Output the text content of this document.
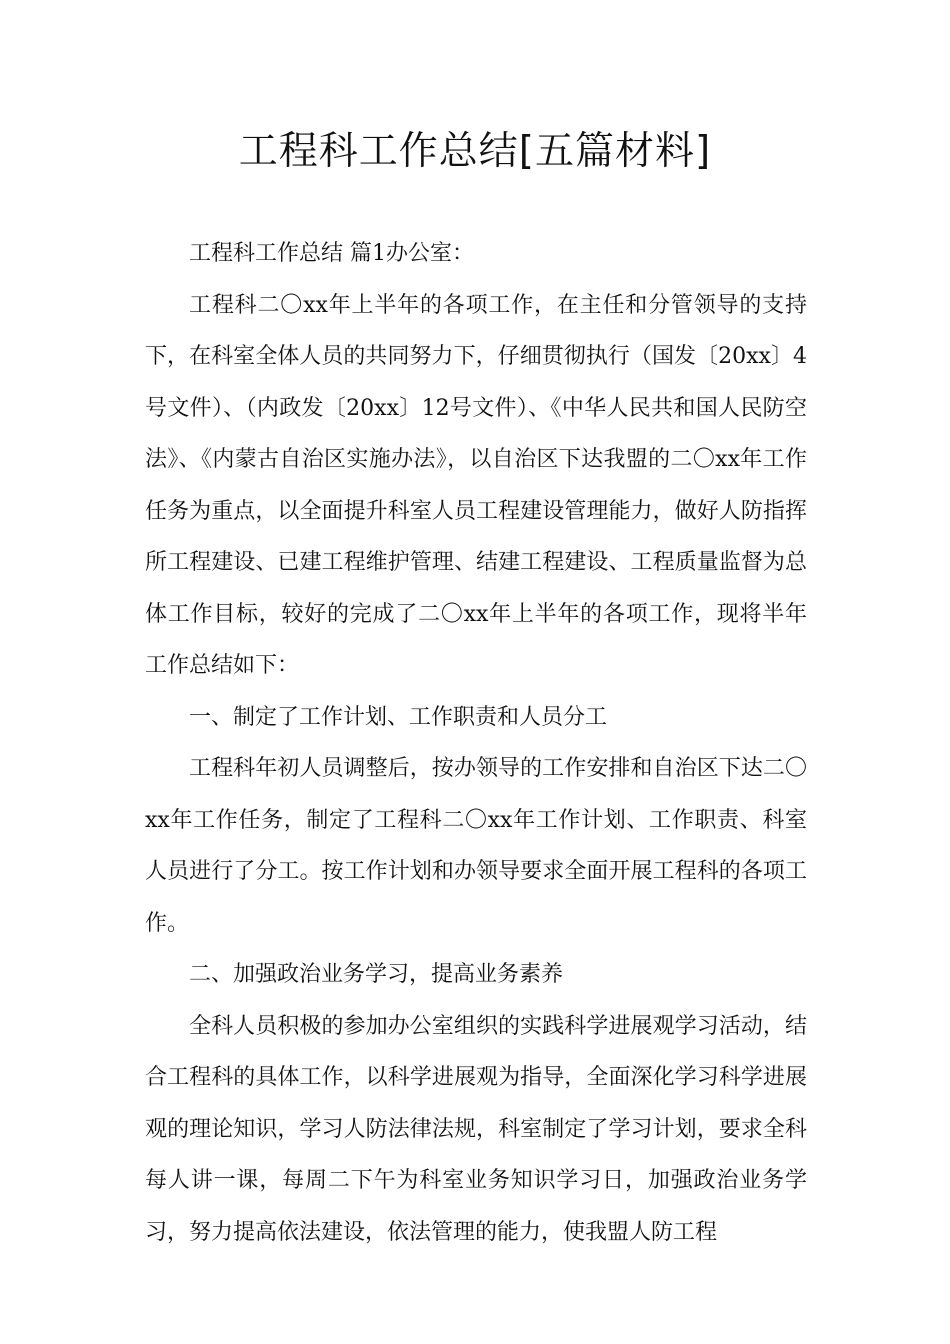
工程科工作总结[五篇材料]

工程科工作总结 篇1办公室：

工程科二〇xx年上半年的各项工作，在主任和分管领导的支持下，在科室全体人员的共同努力下，仔细贯彻执行（国发〔20xx〕4号文件）、（内政发〔20xx〕12号文件）、《中华人民共和国人民防空法》、《内蒙古自治区实施办法》，以自治区下达我盟的二〇xx年工作任务为重点，以全面提升科室人员工程建设管理能力，做好人防指挥所工程建设、已建工程维护管理、结建工程建设、工程质量监督为总体工作目标，较好的完成了二〇xx年上半年的各项工作，现将半年工作总结如下：

一、制定了工作计划、工作职责和人员分工

工程科年初人员调整后，按办领导的工作安排和自治区下达二〇xx年工作任务，制定了工程科二〇xx年工作计划、工作职责、科室人员进行了分工。按工作计划和办领导要求全面开展工程科的各项工作。

二、加强政治业务学习，提高业务素养

全科人员积极的参加办公室组织的实践科学进展观学习活动，结合工程科的具体工作，以科学进展观为指导，全面深化学习科学进展观的理论知识，学习人防法律法规，科室制定了学习计划，要求全科每人讲一课，每周二下午为科室业务知识学习日，加强政治业务学习，努力提高依法建设，依法管理的能力，使我盟人防工程
